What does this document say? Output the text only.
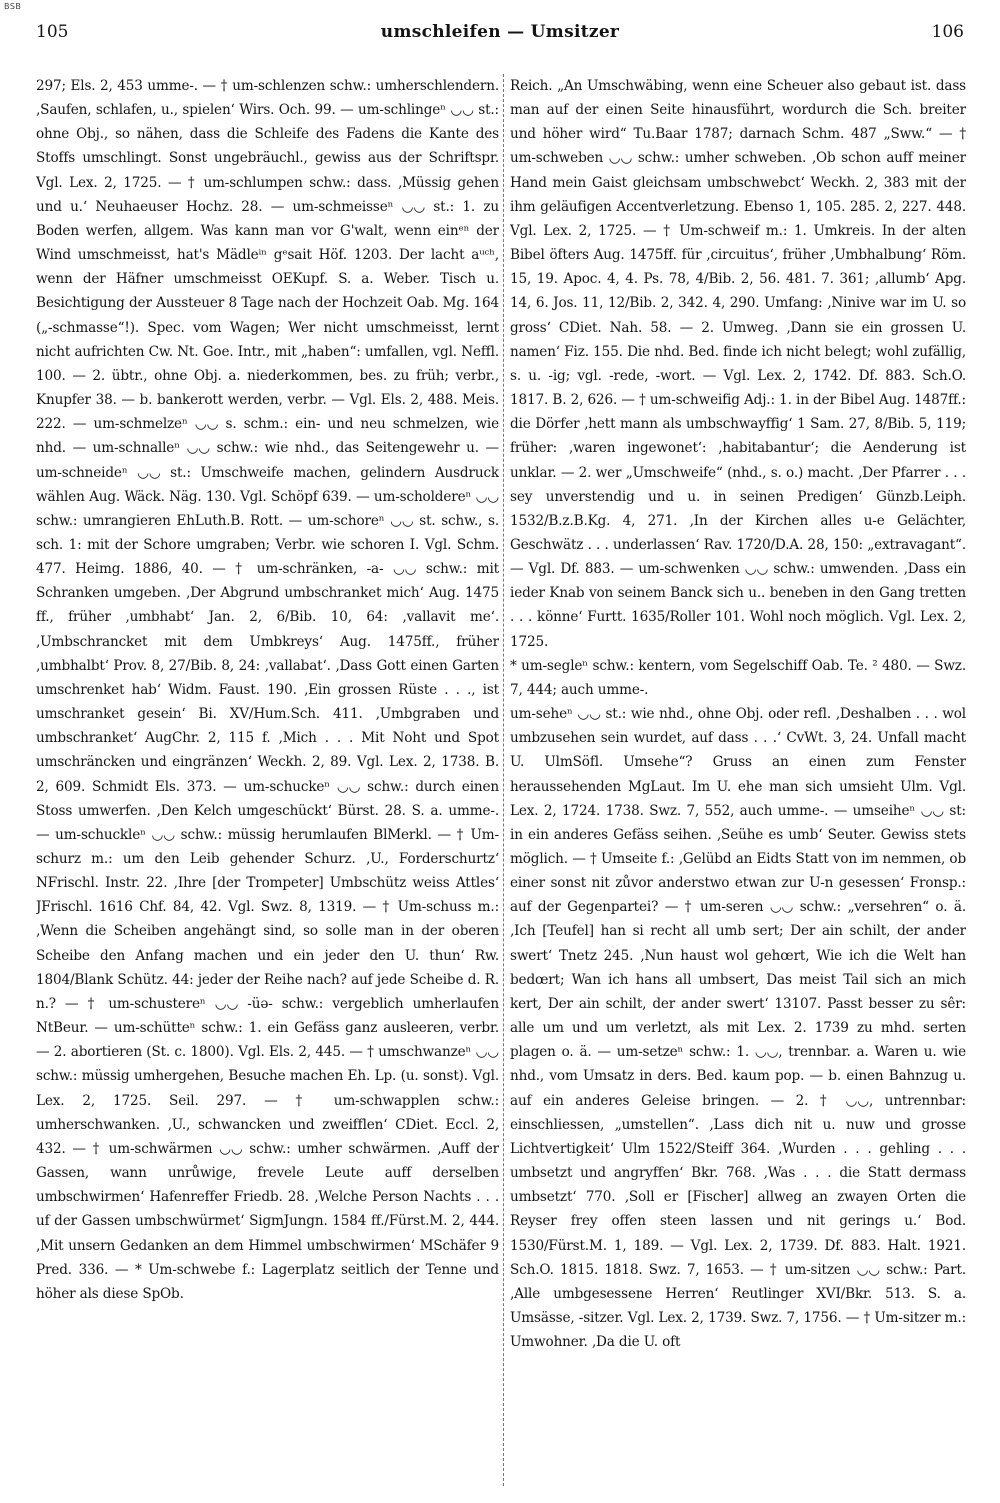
BSB
105	umschleifen — Umsitzer	106

297; Els. 2, 453 umme-. — † um-schlenzen schw.: umherschlendern. ‚Saufen, schlafen, u., spielen‘ Wirs. Och. 99. — um-schlingeⁿ ◡◡ st.: ohne Obj., so nähen, dass die Schleife des Fadens die Kante des Stoffs umschlingt. Sonst ungebräuchl., gewiss aus der Schriftspr. Vgl. Lex. 2, 1725. — † um-schlumpen schw.: dass. ‚Müssig gehen und u.‘ Neuhaeuser Hochz. 28. — um-schmeisseⁿ ◡◡ st.: 1. zu Boden werfen, allgem. Was kann man vor G'walt, wenn einᵉⁿ der Wind umschmeisst, hat's Mädleⁱⁿ gᵉsait Höf. 1203. Der lacht aᵘᶜʰ, wenn der Häfner umschmeisst OEKupf. S. a. Weber. Tisch u. Besichtigung der Aussteuer 8 Tage nach der Hochzeit Oab. Mg. 164 („-schmasse“!). Spec. vom Wagen; Wer nicht umschmeisst, lernt nicht aufrichten Cw. Nt. Goe. Intr., mit „haben“: umfallen, vgl. Neffl. 100. — 2. übtr., ohne Obj. a. niederkommen, bes. zu früh; verbr., Knupfer 38. — b. bankerott werden, verbr. — Vgl. Els. 2, 488. Meis. 222. — um-schmelzeⁿ ◡◡ s. schm.: ein- und neu schmelzen, wie nhd. — um-schnalleⁿ ◡◡ schw.: wie nhd., das Seitengewehr u. — um-schneideⁿ ◡◡ st.: Umschweife machen, gelindern Ausdruck wählen Aug. Wäck. Näg. 130. Vgl. Schöpf 639. — um-scholdereⁿ ◡◡ schw.: umrangieren EhLuth.B. Rott. — um-schoreⁿ ◡◡ st. schw., s. sch. 1: mit der Schore umgraben; Verbr. wie schoren I. Vgl. Schm. 477. Heimg. 1886, 40. — † um-schränken, -a- ◡◡ schw.: mit Schranken umgeben. ‚Der Abgrund umbschranket mich‘ Aug. 1475 ff., früher ‚umbhabt‘ Jan. 2, 6/Bib. 10, 64: ‚vallavit me‘. ‚Umbschrancket mit dem Umbkreys‘ Aug. 1475ff., früher ‚umbhalbt‘ Prov. 8, 27/Bib. 8, 24: ‚vallabat‘. ‚Dass Gott einen Garten umschrenket hab‘ Widm. Faust. 190. ‚Ein grossen Rüste . . ., ist umschranket gesein‘ Bi. XV/Hum.Sch. 411. ‚Umbgraben und umbschranket‘ AugChr. 2, 115 f. ‚Mich . . . Mit Noht und Spot umschräncken und eingränzen‘ Weckh. 2, 89. Vgl. Lex. 2, 1738. B. 2, 609. Schmidt Els. 373. — um-schuckeⁿ ◡◡ schw.: durch einen Stoss umwerfen. ‚Den Kelch umgeschückt‘ Bürst. 28. S. a. umme-. — um-schuckleⁿ ◡◡ schw.: müssig herumlaufen BlMerkl. — † Um-schurz m.: um den Leib gehender Schurz. ‚U., Forderschurtz‘ NFrischl. Instr. 22. ‚Ihre [der Trompeter] Umbschütz weiss Attles‘ JFrischl. 1616 Chf. 84, 42. Vgl. Swz. 8, 1319. — † Um-schuss m.: ‚Wenn die Scheiben angehängt sind, so solle man in der oberen Scheibe den Anfang machen und ein jeder den U. thun‘ Rw. 1804/Blank Schütz. 44: jeder der Reihe nach? auf jede Scheibe d. R. n.? — † um-schustereⁿ ◡◡ -üə- schw.: vergeblich umherlaufen NtBeur. — um-schütteⁿ schw.: 1. ein Gefäss ganz ausleeren, verbr. — 2. abortieren (St. c. 1800). Vgl. Els. 2, 445. — † umschwanzeⁿ ◡◡ schw.: müssig umhergehen, Besuche machen Eh. Lp. (u. sonst). Vgl. Lex. 2, 1725. Seil. 297. — † um-schwapplen schw.: umherschwanken. ‚U., schwancken und zweifflen‘ CDiet. Eccl. 2, 432. — † um-schwärmen ◡◡ schw.: umher schwärmen. ‚Auff der Gassen, wann unrůwige, frevele Leute auff derselben umbschwirmen‘ Hafenreffer Friedb. 28. ‚Welche Person Nachts . . . uf der Gassen umbschwürmet‘ SigmJungn. 1584 ff./Fürst.M. 2, 444. ‚Mit unsern Gedanken an dem Himmel umbschwirmen‘ MSchäfer 9 Pred. 336. — * Um-schwebe f.: Lagerplatz seitlich der Tenne und höher als diese SpOb.

Reich. „An Umschwäbing, wenn eine Scheuer also gebaut ist. dass man auf der einen Seite hinausführt, wordurch die Sch. breiter und höher wird“ Tu.Baar 1787; darnach Schm. 487 „Sww.“ — † um-schweben ◡◡ schw.: umher schweben. ‚Ob schon auff meiner Hand mein Gaist gleichsam umbschwebct‘ Weckh. 2, 383 mit der ihm geläufigen Accentverletzung. Ebenso 1, 105. 285. 2, 227. 448. Vgl. Lex. 2, 1725. — † Um-schweif m.: 1. Umkreis. In der alten Bibel öfters Aug. 1475ff. für ‚circuitus‘, früher ‚Umbhalbung‘ Röm. 15, 19. Apoc. 4, 4. Ps. 78, 4/Bib. 2, 56. 481. 7. 361; ‚allumb‘ Apg. 14, 6. Jos. 11, 12/Bib. 2, 342. 4, 290. Umfang: ‚Ninive war im U. so gross‘ CDiet. Nah. 58. — 2. Umweg. ‚Dann sie ein grossen U. namen‘ Fiz. 155. Die nhd. Bed. finde ich nicht belegt; wohl zufällig, s. u. -ig; vgl. -rede, -wort. — Vgl. Lex. 2, 1742. Df. 883. Sch.O. 1817. B. 2, 626. — † um-schweifig Adj.: 1. in der Bibel Aug. 1487ff.: die Dörfer ‚hett mann als umbschwayffig‘ 1 Sam. 27, 8/Bib. 5, 119; früher: ‚waren ingewonet‘: ‚habitabantur‘; die Aenderung ist unklar. — 2. wer „Umschweife“ (nhd., s. o.) macht. ‚Der Pfarrer . . . sey unverstendig und u. in seinen Predigen‘ Günzb.Leiph. 1532/B.z.B.Kg. 4, 271. ‚In der Kirchen alles u-e Gelächter, Geschwätz . . . underlassen‘ Rav. 1720/D.A. 28, 150: „extravagant“. — Vgl. Df. 883. — um-schwenken ◡◡ schw.: umwenden. ‚Dass ein ieder Knab von seinem Banck sich u.. beneben in den Gang tretten . . . könne‘ Furtt. 1635/Roller 101. Wohl noch möglich. Vgl. Lex. 2, 1725.
* um-segleⁿ schw.: kentern, vom Segelschiff Oab. Te. ² 480. — Swz. 7, 444; auch umme-.
um-seheⁿ ◡◡ st.: wie nhd., ohne Obj. oder refl. ‚Deshalben . . . wol umbzusehen sein wurdet, auf dass . . .‘ CvWt. 3, 24. Unfall macht U. UlmSöfl. Umsehe“? Gruss an einen zum Fenster heraussehenden MgLaut. Im U. ehe man sich umsieht Ulm. Vgl. Lex. 2, 1724. 1738. Swz. 7, 552, auch umme-. — umseiheⁿ ◡◡ st: in ein anderes Gefäss seihen. ‚Seühe es umb‘ Seuter. Gewiss stets möglich. — † Umseite f.: ‚Gelübd an Eidts Statt von im nemmen, ob einer sonst nit zůvor anderstwo etwan zur U-n gesessen‘ Fronsp.: auf der Gegenpartei? — † um-seren ◡◡ schw.: „versehren“ o. ä. ‚Ich [Teufel] han si recht all umb sert; Der ain schilt, der ander swert‘ Tnetz 245. ‚Nun haust wol gehœrt, Wie ich die Welt han bedœrt; Wan ich hans all umbsert, Das meist Tail sich an mich kert, Der ain schilt, der ander swert‘ 13107. Passt besser zu sêr: alle um und um verletzt, als mit Lex. 2. 1739 zu mhd. serten plagen o. ä. — um-setzeⁿ schw.: 1. ◡◡, trennbar. a. Waren u. wie nhd., vom Umsatz in ders. Bed. kaum pop. — b. einen Bahnzug u. auf ein anderes Geleise bringen. — 2. † ◡◡, untrennbar: einschliessen, „umstellen“. ‚Lass dich nit u. nuw und grosse Lichtvertigkeit‘ Ulm 1522/Steiff 364. ‚Wurden . . . gehling . . . umbsetzt und angryffen‘ Bkr. 768. ‚Was . . . die Statt dermass umbsetzt‘ 770. ‚Soll er [Fischer] allweg an zwayen Orten die Reyser frey offen steen lassen und nit gerings u.‘ Bod. 1530/Fürst.M. 1, 189. — Vgl. Lex. 2, 1739. Df. 883. Halt. 1921. Sch.O. 1815. 1818. Swz. 7, 1653. — † um-sitzen ◡◡ schw.: Part. ‚Alle umbgesessene Herren‘ Reutlinger XVI/Bkr. 513. S. a. Umsässe, -sitzer. Vgl. Lex. 2, 1739. Swz. 7, 1756. — † Um-sitzer m.: Umwohner. ‚Da die U. oft
